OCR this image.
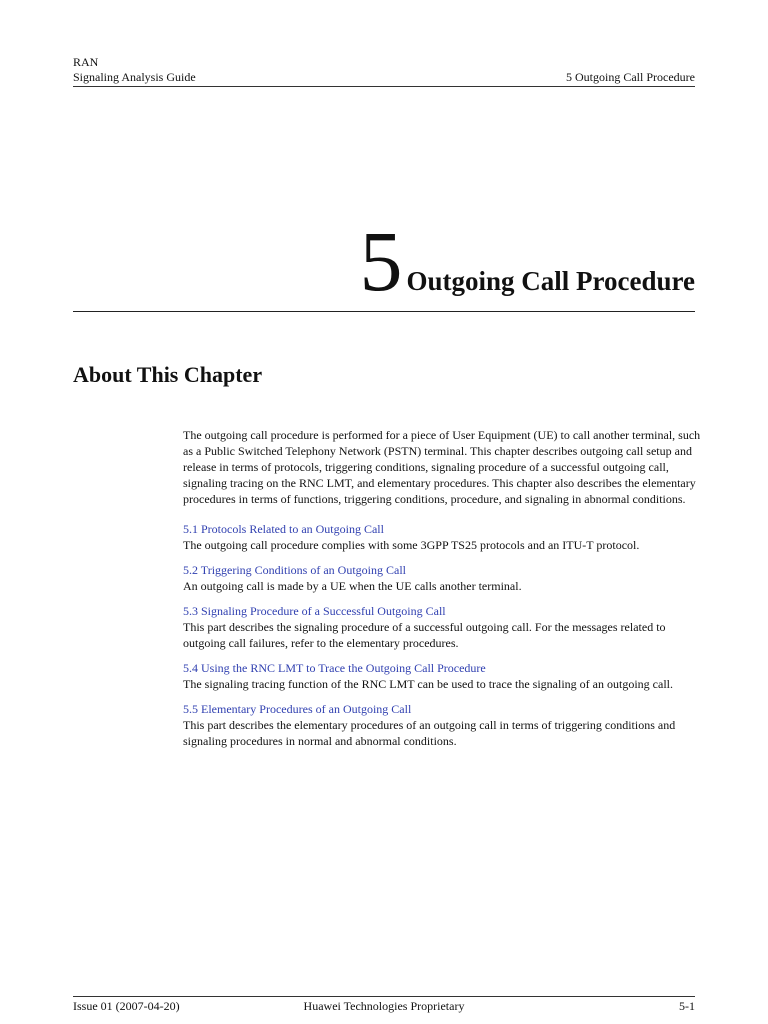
RAN
Signaling Analysis Guide	5 Outgoing Call Procedure
5 Outgoing Call Procedure
About This Chapter

The outgoing call procedure is performed for a piece of User Equipment (UE) to call another terminal, such as a Public Switched Telephony Network (PSTN) terminal. This chapter describes outgoing call setup and release in terms of protocols, triggering conditions, signaling procedure of a successful outgoing call, signaling tracing on the RNC LMT, and elementary procedures. This chapter also describes the elementary procedures in terms of functions, triggering conditions, procedure, and signaling in abnormal conditions.

5.1 Protocols Related to an Outgoing Call
The outgoing call procedure complies with some 3GPP TS25 protocols and an ITU-T protocol.
5.2 Triggering Conditions of an Outgoing Call
An outgoing call is made by a UE when the UE calls another terminal.
5.3 Signaling Procedure of a Successful Outgoing Call
This part describes the signaling procedure of a successful outgoing call. For the messages related to outgoing call failures, refer to the elementary procedures.
5.4 Using the RNC LMT to Trace the Outgoing Call Procedure
The signaling tracing function of the RNC LMT can be used to trace the signaling of an outgoing call.
5.5 Elementary Procedures of an Outgoing Call
This part describes the elementary procedures of an outgoing call in terms of triggering conditions and signaling procedures in normal and abnormal conditions.
Issue 01 (2007-04-20)	Huawei Technologies Proprietary	5-1
